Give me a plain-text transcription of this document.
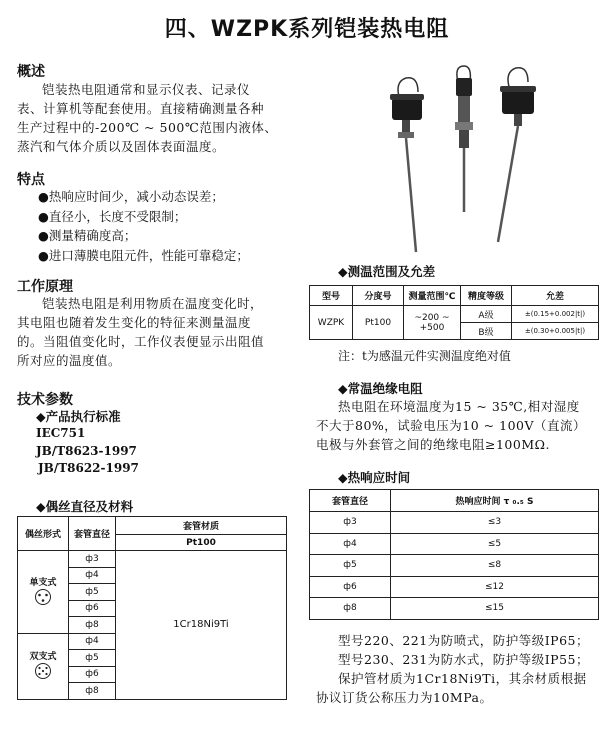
四、WZPK系列铠装热电阻
概述
铠装热电阻通常和显示仪表、记录仪
表、计算机等配套使用。直接精确测量各种
生产过程中的-200℃ ~ 500℃范围内液体、
蒸汽和气体介质以及固体表面温度。
特点
●热响应时间少，减小动态误差；
●直径小，长度不受限制；
●测量精确度高；
●进口薄膜电阻元件，性能可靠稳定；
工作原理
铠装热电阻是利用物质在温度变化时，
其电阻也随着发生变化的特征来测量温度
的。当阻值变化时，工作仪表便显示出阻值
所对应的温度值。
技术参数
◆产品执行标准
IEC751
JB/T8623-1997
JB/T8622-1997
◆偶丝直径及材料
偶丝形式	套管直径	套管材质
		Pt100

单支式	ф3	1Cr18Ni9Ti
	ф4	
	ф5	
	ф6	
	ф8	

双支式	ф4	
	ф5	
	ф6	
	ф8	
◆测温范围及允差
型号	分度号	测量范围℃	精度等级	允差
WZPK	Pt100	~200 ~ +500	A级	±(0.15+0.002|t|)
			B级	±(0.30+0.005|t|)
注：t为感温元件实测温度绝对值
◆常温绝缘电阻
热电阻在环境温度为15 ~ 35℃,相对湿度
不大于80%，试验电压为10 ~ 100V（直流）
电极与外套管之间的绝缘电阻≥100MΩ.
◆热响应时间
套管直径	热响应时间 τ ₀.₅ S
ф3	≤3
ф4	≤5
ф5	≤8
ф6	≤12
ф8	≤15
型号220、221为防喷式，防护等级IP65；
型号230、231为防水式，防护等级IP55；
保护管材质为1Cr18Ni9Ti，其余材质根据
协议订货公称压力为10MPa。
